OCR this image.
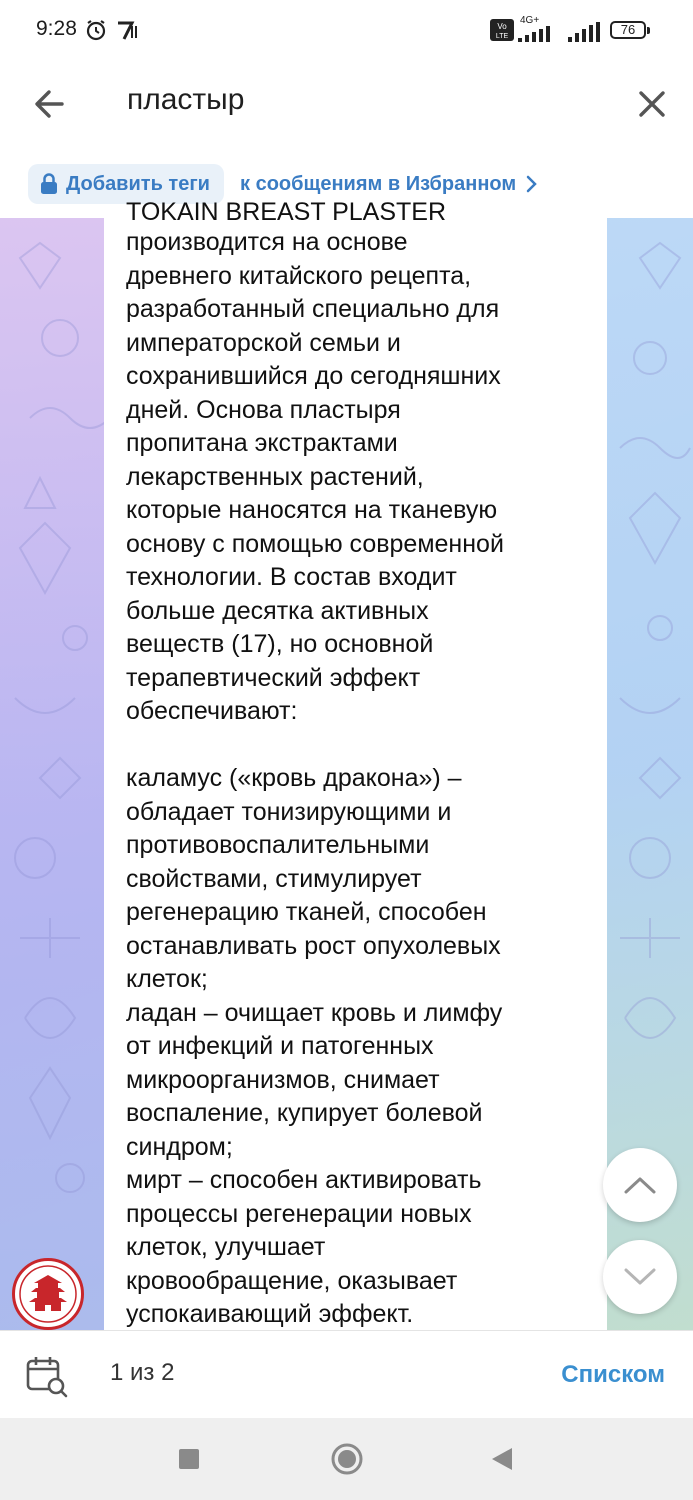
9:28	Vo
LTE
4G+
76
пластыр
Добавить теги к сообщениям в Избранном
TOKAIN BREAST PLASTER
производится на основе
древнего китайского рецепта,
разработанный специально для
императорской семьи и
сохранившийся до сегодняшних
дней. Основа пластыря
пропитана экстрактами
лекарственных растений,
которые наносятся на тканевую
основу с помощью современной
технологии. В состав входит
больше десятка активных
веществ (17), но основной
терапевтический эффект
обеспечивают:

каламус («кровь дракона») –
обладает тонизирующими и
противовоспалительными
свойствами, стимулирует
регенерацию тканей, способен
останавливать рост опухолевых
клеток;
ладан – очищает кровь и лимфу
от инфекций и патогенных
микроорганизмов, снимает
воспаление, купирует болевой
синдром;
мирт – способен активировать
процессы регенерации новых
клеток, улучшает
кровообращение, оказывает
успокаивающий эффект.
1 из 2	Списком
